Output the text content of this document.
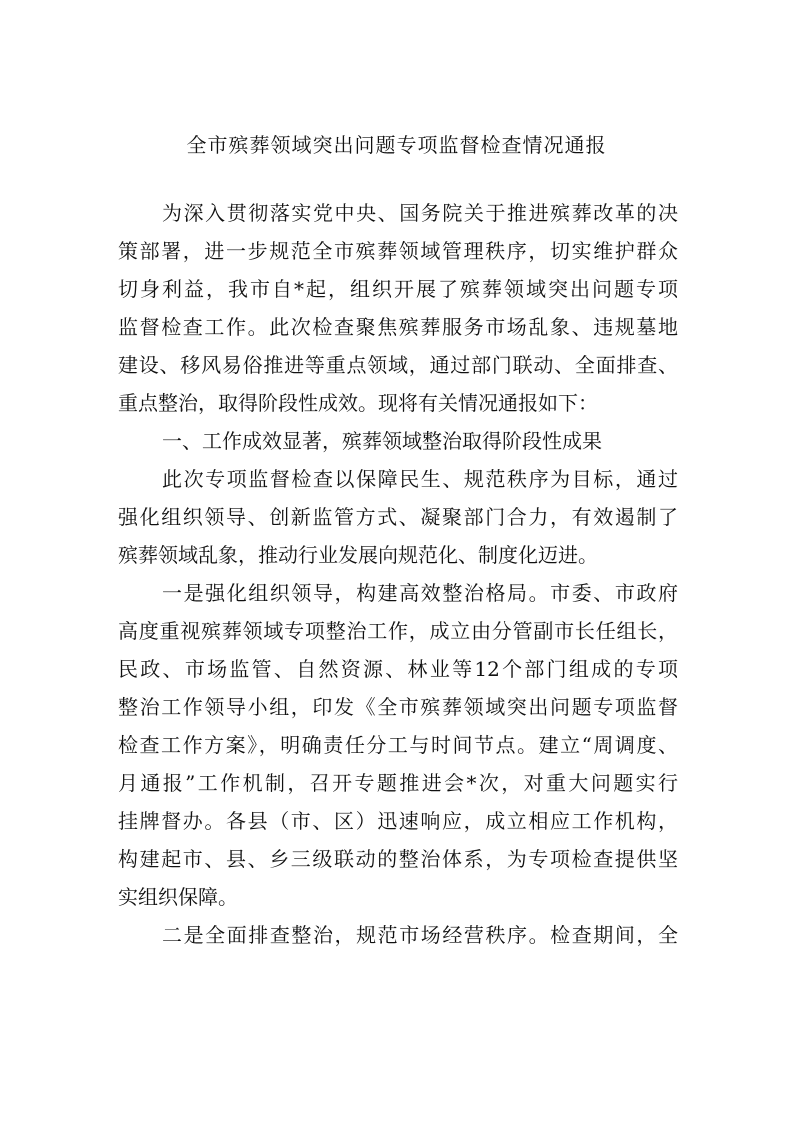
全市殡葬领域突出问题专项监督检查情况通报

为深入贯彻落实党中央、国务院关于推进殡葬改革的决

策部署，进一步规范全市殡葬领域管理秩序，切实维护群众

切身利益，我市自*起，组织开展了殡葬领域突出问题专项

监督检查工作。此次检查聚焦殡葬服务市场乱象、违规墓地

建设、移风易俗推进等重点领域，通过部门联动、全面排查、

重点整治，取得阶段性成效。现将有关情况通报如下：

一、工作成效显著，殡葬领域整治取得阶段性成果

此次专项监督检查以保障民生、规范秩序为目标，通过

强化组织领导、创新监管方式、凝聚部门合力，有效遏制了

殡葬领域乱象，推动行业发展向规范化、制度化迈进。

一是强化组织领导，构建高效整治格局。市委、市政府

高度重视殡葬领域专项整治工作，成立由分管副市长任组长，

民政、市场监管、自然资源、林业等12个部门组成的专项

整治工作领导小组，印发《全市殡葬领域突出问题专项监督

检查工作方案》，明确责任分工与时间节点。建立“周调度、

月通报”工作机制，召开专题推进会*次，对重大问题实行

挂牌督办。各县（市、区）迅速响应，成立相应工作机构，

构建起市、县、乡三级联动的整治体系，为专项检查提供坚

实组织保障。

二是全面排查整治，规范市场经营秩序。检查期间，全
